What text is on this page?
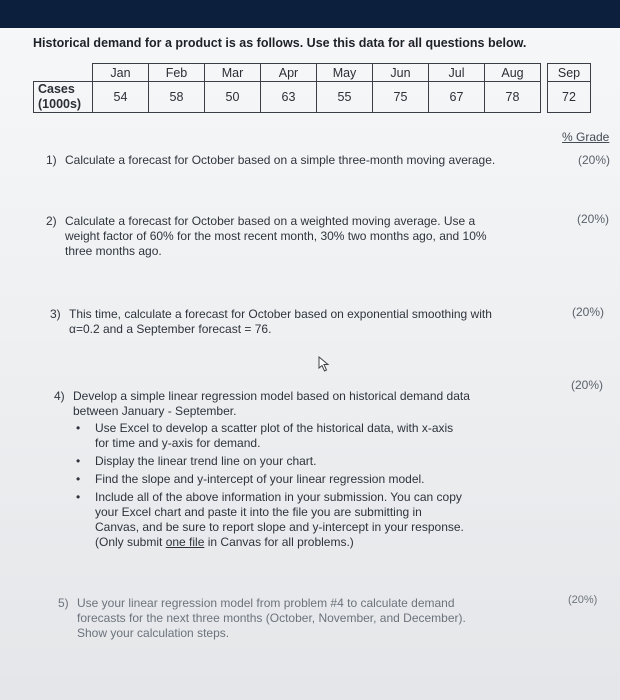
Historical demand for a product is as follows. Use this data for all questions below.
	Jan	Feb	Mar	Apr	May	Jun	Jul	Aug		Sep
Cases
(1000s)	54	58	50	63	55	75	67	78		72
% Grade
1) Calculate a forecast for October based on a simple three-month moving average.	(20%)
2) Calculate a forecast for October based on a weighted moving average. Use a
weight factor of 60% for the most recent month, 30% two months ago, and 10%
three months ago.
(20%)
3) This time, calculate a forecast for October based on exponential smoothing with
α=0.2 and a September forecast = 76.
(20%)
4) Develop a simple linear regression model based on historical demand data
between January - September.
• Use Excel to develop a scatter plot of the historical data, with x-axis
for time and y-axis for demand.
• Display the linear trend line on your chart.
• Find the slope and y-intercept of your linear regression model.
• Include all of the above information in your submission. You can copy
your Excel chart and paste it into the file you are submitting in
Canvas, and be sure to report slope and y-intercept in your response.
(Only submit one file in Canvas for all problems.)
(20%)
5) Use your linear regression model from problem #4 to calculate demand
forecasts for the next three months (October, November, and December).
Show your calculation steps.
(20%)
